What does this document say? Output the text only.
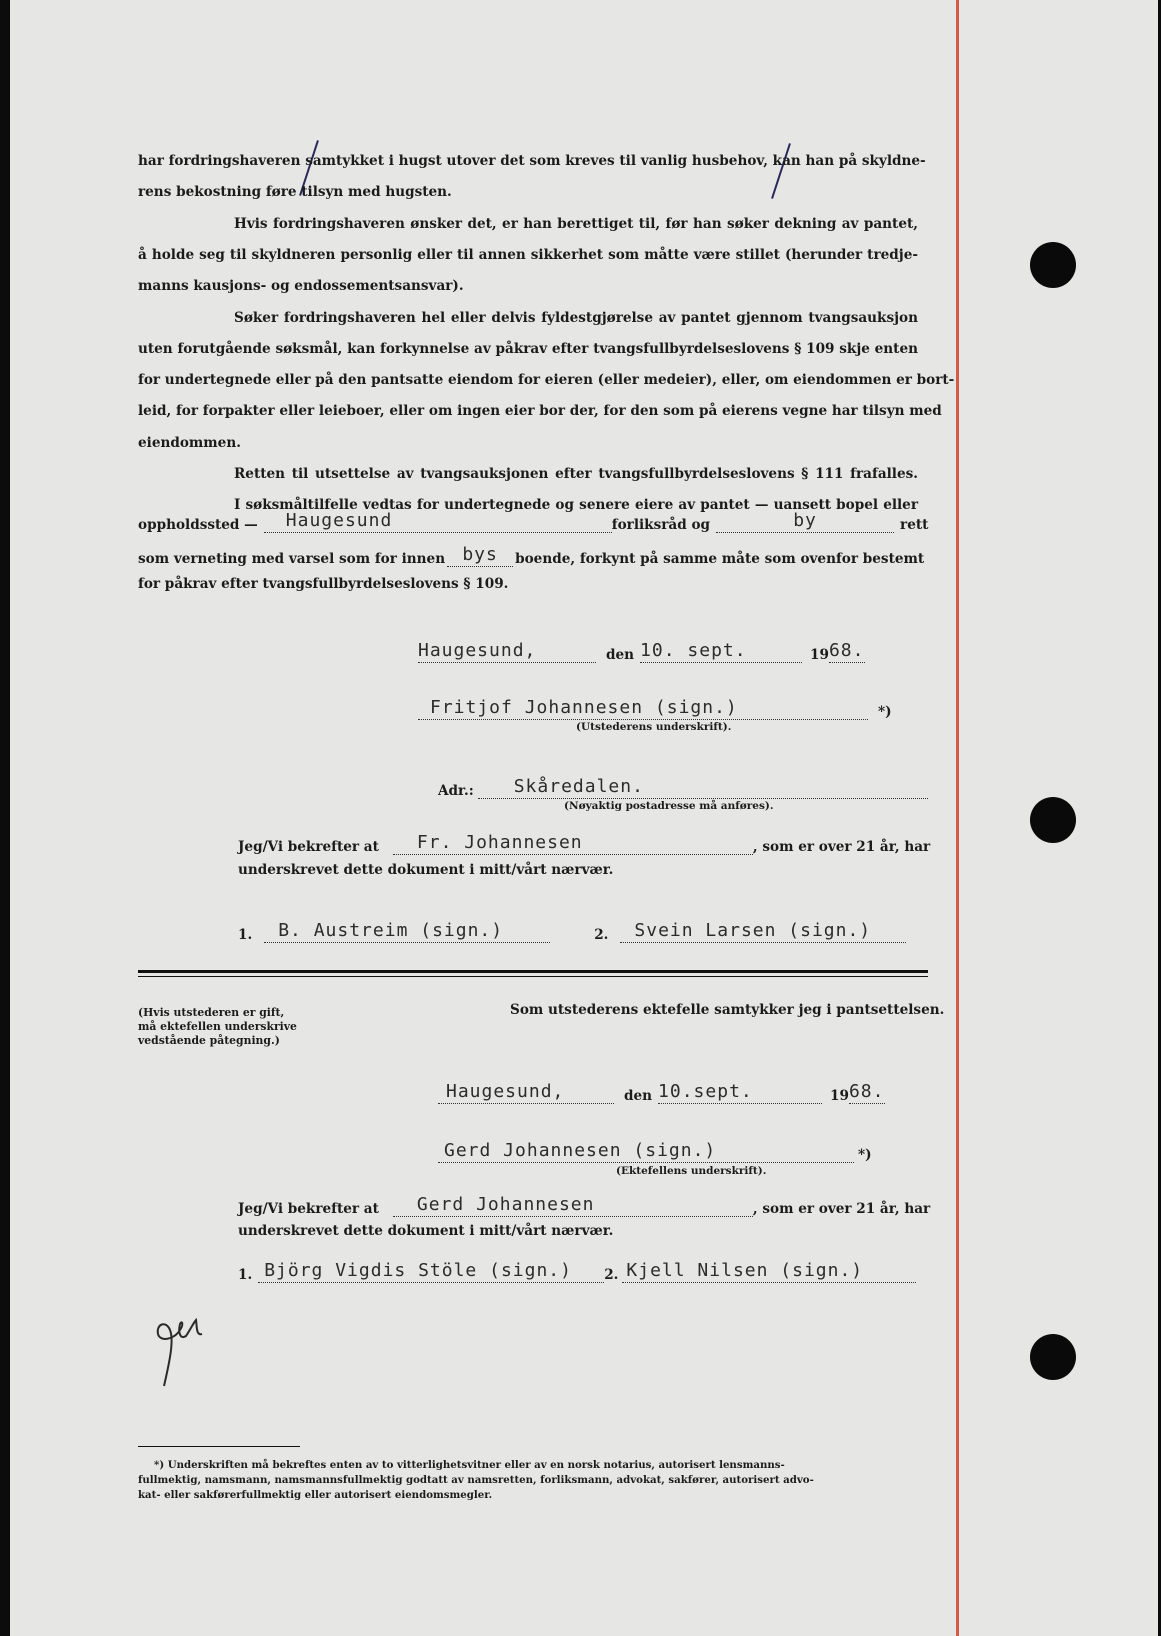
har fordringshaveren samtykket i hugst utover det som kreves til vanlig husbehov, kan han på skyldne-
rens bekostning føre tilsyn med hugsten.
Hvis fordringshaveren ønsker det, er han berettiget til, før han søker dekning av pantet,
å holde seg til skyldneren personlig eller til annen sikkerhet som måtte være stillet (herunder tredje-
manns kausjons- og endossementsansvar).
Søker fordringshaveren hel eller delvis fyldestgjørelse av pantet gjennom tvangsauksjon
uten forutgående søksmål, kan forkynnelse av påkrav efter tvangsfullbyrdelseslovens § 109 skje enten
for undertegnede eller på den pantsatte eiendom for eieren (eller medeier), eller, om eiendommen er bort-
leid, for forpakter eller leieboer, eller om ingen eier bor der, for den som på eierens vegne har tilsyn med
eiendommen.
Retten til utsettelse av tvangsauksjonen efter tvangsfullbyrdelseslovens § 111 frafalles.
I søksmåltilfelle vedtas for undertegnede og senere eiere av pantet — uansett bopel eller
oppholdssted —	Haugesund	forliksråd og	by	rett
som verneting med varsel som for innen bys	boende, forkynt på samme måte som ovenfor bestemt
for påkrav efter tvangsfullbyrdelseslovens § 109.
Haugesund,	den 10. sept.	19 68.
Fritjof Johannesen (sign.)	*)
(Utstederens underskrift).
Adr.:	Skåredalen.
(Nøyaktig postadresse må anføres).
Jeg/Vi bekrefter at	Fr. Johannesen	, som er over 21 år, har
underskrevet dette dokument i mitt/vårt nærvær.
1.	B. Austreim (sign.)	2.	Svein Larsen (sign.)
(Hvis utstederen er gift,
må ektefellen underskrive
vedstående påtegning.)
Som utstederens ektefelle samtykker jeg i pantsettelsen.
Haugesund,	den 10.sept.	19 68.
Gerd Johannesen (sign.)	*)
(Ektefellens underskrift).
Jeg/Vi bekrefter at	Gerd Johannesen	, som er over 21 år, har
underskrevet dette dokument i mitt/vårt nærvær.
1. Björg Vigdis Stöle (sign.)	2. Kjell Nilsen (sign.)
*) Underskriften må bekreftes enten av to vitterlighetsvitner eller av en norsk notarius, autorisert lensmanns-
fullmektig, namsmann, namsmannsfullmektig godtatt av namsretten, forliksmann, advokat, sakfører, autorisert advo-
kat- eller sakførerfullmektig eller autorisert eiendomsmegler.
